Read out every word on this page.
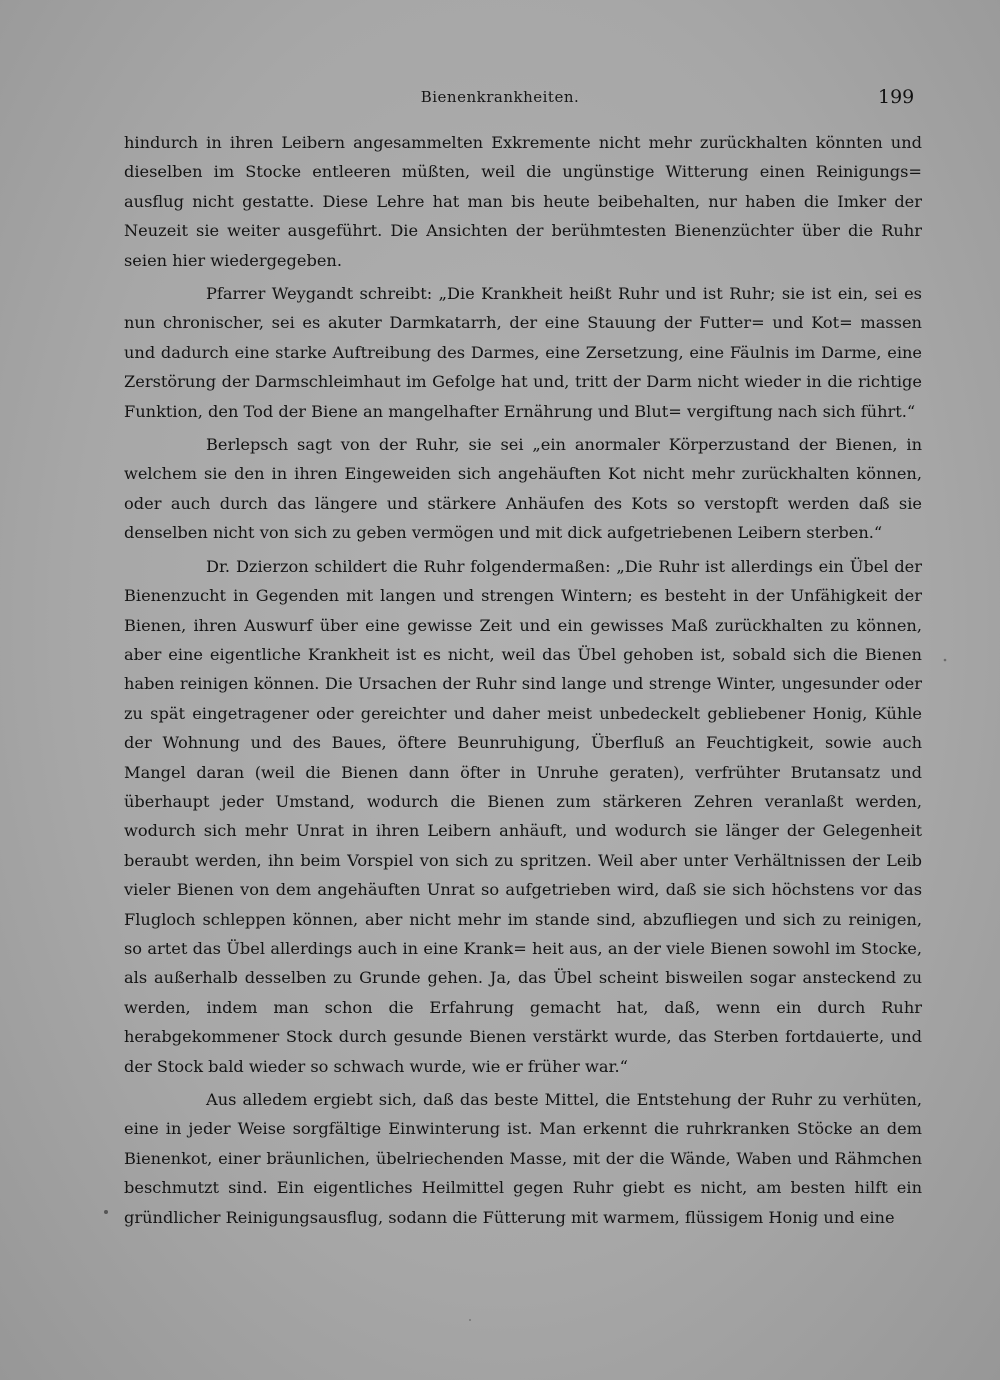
Bienenkrankheiten.	199

hindurch in ihren Leibern angesammelten Exkremente nicht mehr zurückhalten könnten und dieselben im Stocke entleeren müßten, weil die ungünstige Witterung einen Reinigungs= ausflug nicht gestatte. Diese Lehre hat man bis heute beibehalten, nur haben die Imker der Neuzeit sie weiter ausgeführt. Die Ansichten der berühmtesten Bienenzüchter über die Ruhr seien hier wiedergegeben.

Pfarrer Weygandt schreibt: „Die Krankheit heißt Ruhr und ist Ruhr; sie ist ein, sei es nun chronischer, sei es akuter Darmkatarrh, der eine Stauung der Futter= und Kot= massen und dadurch eine starke Auftreibung des Darmes, eine Zersetzung, eine Fäulnis im Darme, eine Zerstörung der Darmschleimhaut im Gefolge hat und, tritt der Darm nicht wieder in die richtige Funktion, den Tod der Biene an mangelhafter Ernährung und Blut= vergiftung nach sich führt.“

Berlepsch sagt von der Ruhr, sie sei „ein anormaler Körperzustand der Bienen, in welchem sie den in ihren Eingeweiden sich angehäuften Kot nicht mehr zurückhalten können, oder auch durch das längere und stärkere Anhäufen des Kots so verstopft werden daß sie denselben nicht von sich zu geben vermögen und mit dick aufgetriebenen Leibern sterben.“

Dr. Dzierzon schildert die Ruhr folgendermaßen: „Die Ruhr ist allerdings ein Übel der Bienenzucht in Gegenden mit langen und strengen Wintern; es besteht in der Unfähigkeit der Bienen, ihren Auswurf über eine gewisse Zeit und ein gewisses Maß zurückhalten zu können, aber eine eigentliche Krankheit ist es nicht, weil das Übel gehoben ist, sobald sich die Bienen haben reinigen können. Die Ursachen der Ruhr sind lange und strenge Winter, ungesunder oder zu spät eingetragener oder gereichter und daher meist unbedeckelt gebliebener Honig, Kühle der Wohnung und des Baues, öftere Beunruhigung, Überfluß an Feuchtigkeit, sowie auch Mangel daran (weil die Bienen dann öfter in Unruhe geraten), verfrühter Brutansatz und überhaupt jeder Umstand, wodurch die Bienen zum stärkeren Zehren veranlaßt werden, wodurch sich mehr Unrat in ihren Leibern anhäuft, und wodurch sie länger der Gelegenheit beraubt werden, ihn beim Vorspiel von sich zu spritzen. Weil aber unter Verhältnissen der Leib vieler Bienen von dem angehäuften Unrat so aufgetrieben wird, daß sie sich höchstens vor das Flugloch schleppen können, aber nicht mehr im stande sind, abzufliegen und sich zu reinigen, so artet das Übel allerdings auch in eine Krank= heit aus, an der viele Bienen sowohl im Stocke, als außerhalb desselben zu Grunde gehen. Ja, das Übel scheint bisweilen sogar ansteckend zu werden, indem man schon die Erfahrung gemacht hat, daß, wenn ein durch Ruhr herabgekommener Stock durch gesunde Bienen verstärkt wurde, das Sterben fortdauerte, und der Stock bald wieder so schwach wurde, wie er früher war.“

Aus alledem ergiebt sich, daß das beste Mittel, die Entstehung der Ruhr zu verhüten, eine in jeder Weise sorgfältige Einwinterung ist. Man erkennt die ruhrkranken Stöcke an dem Bienenkot, einer bräunlichen, übelriechenden Masse, mit der die Wände, Waben und Rähmchen beschmutzt sind. Ein eigentliches Heilmittel gegen Ruhr giebt es nicht, am besten hilft ein gründlicher Reinigungsausflug, sodann die Fütterung mit warmem, flüssigem Honig und eine
